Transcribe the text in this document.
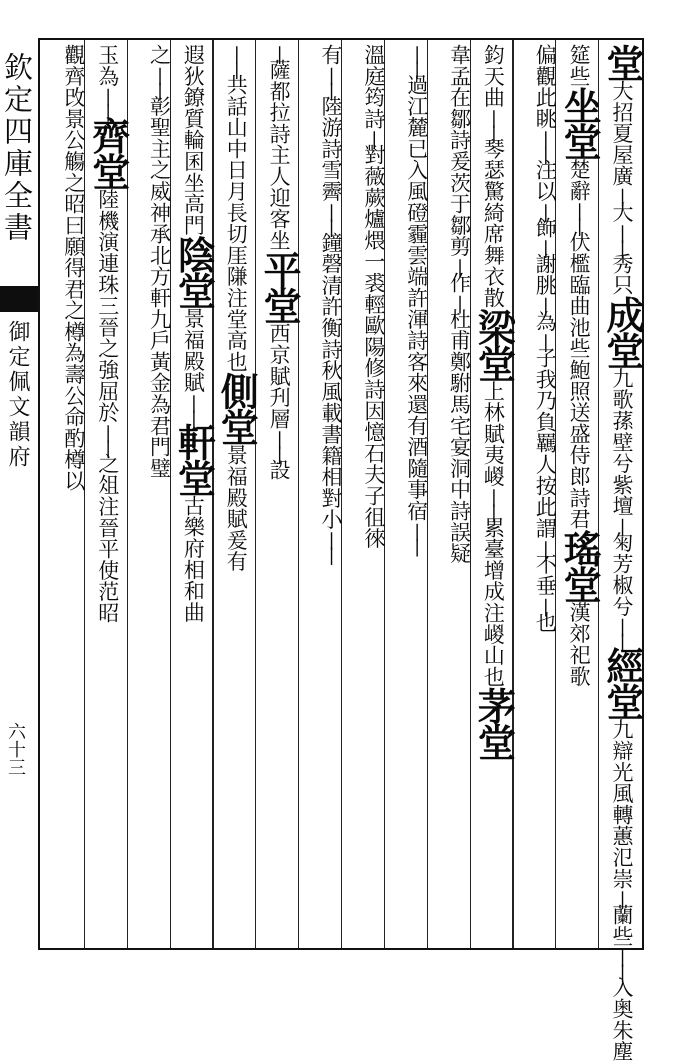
欽定四庫全書
御定佩文韻府
六十三
堂大招夏屋廣|大||秀只成堂九歌蓀壁兮紫壇|匊芳椒兮||經堂九辯光風轉蕙氾崇|蘭些||入奥朱塵
筵些坐堂楚辭||伏檻臨曲池些鮑照送盛侍郎詩君瑤堂漢郊祀歌
偏觀此眺||注以|飾|謝朓|為|子我乃負羈人按此謂|不垂|也
鈞天曲||琴瑟驚綺席舞衣散梁堂上林賦夷嵕||累臺增成注嵕山也茅堂
韋孟在鄒詩爰茨于鄒剪|作|杜甫鄭駙馬宅宴洞中詩誤疑
||過江麓已入風磴霾雲端許渾詩客來還有酒隨事宿||
溫庭筠詩|對薇蕨爐煨一裘輕歐陽修詩因憶石夫子徂徠
有||陸游詩雪霽||鐘磬清許衡詩秋風載書籍相對小||
|薩都拉詩主人迎客坐平堂西京賦刋層||設
||共話山中日月長切厓隒注堂高也側堂景福殿賦爰有
遐狄鐐質輪囷坐高門陰堂景福殿賦||軒堂古樂府相和曲
之||彰聖主之威神承北方軒九戶黃金為君門璧
玉為||齊堂陸機演連珠三晉之強屈於||之俎注晉平使范昭
觀齊攺景公觴之昭曰願得君之樽為壽公命酌樽以
